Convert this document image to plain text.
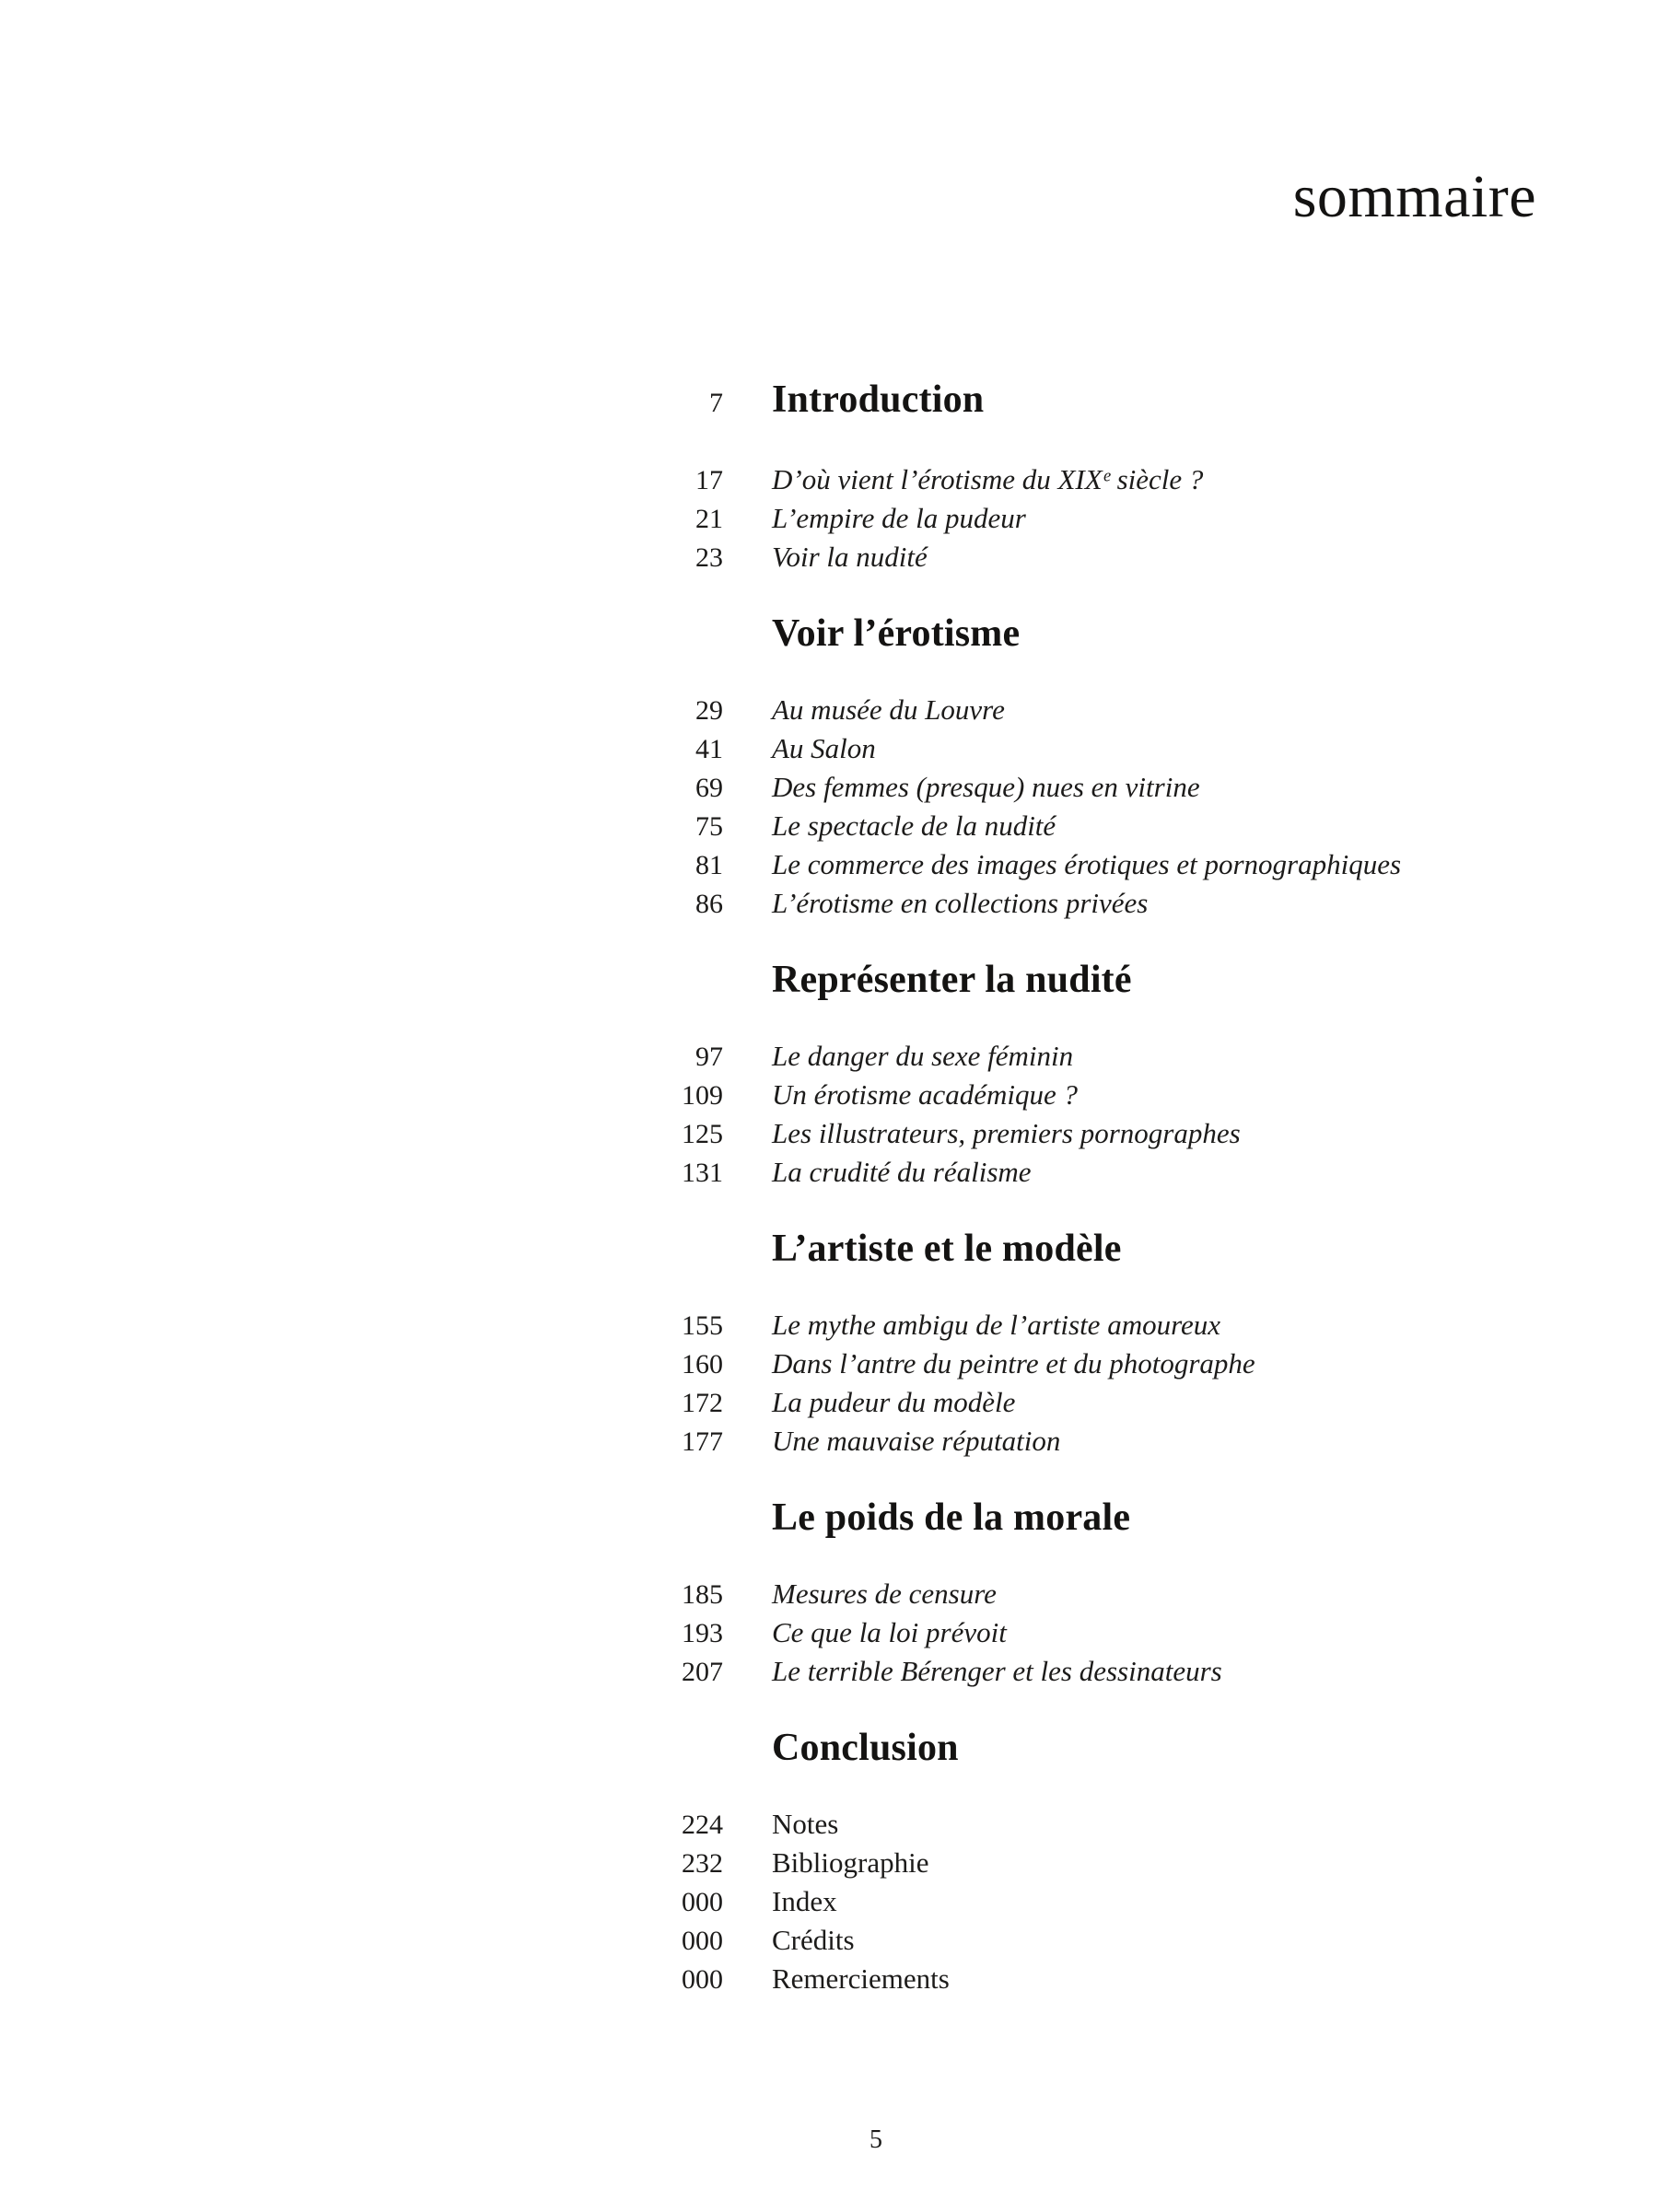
sommaire
7 Introduction
17 D’où vient l’érotisme du XIXᵉ siècle ?
21 L’empire de la pudeur
23 Voir la nudité
Voir l’érotisme
29 Au musée du Louvre
41 Au Salon
69 Des femmes (presque) nues en vitrine
75 Le spectacle de la nudité
81 Le commerce des images érotiques et pornographiques
86 L’érotisme en collections privées
Représenter la nudité
97 Le danger du sexe féminin
109 Un érotisme académique ?
125 Les illustrateurs, premiers pornographes
131 La crudité du réalisme
L’artiste et le modèle
155 Le mythe ambigu de l’artiste amoureux
160 Dans l’antre du peintre et du photographe
172 La pudeur du modèle
177 Une mauvaise réputation
Le poids de la morale
185 Mesures de censure
193 Ce que la loi prévoit
207 Le terrible Bérenger et les dessinateurs
Conclusion
224 Notes
232 Bibliographie
000 Index
000 Crédits
000 Remerciements
5
